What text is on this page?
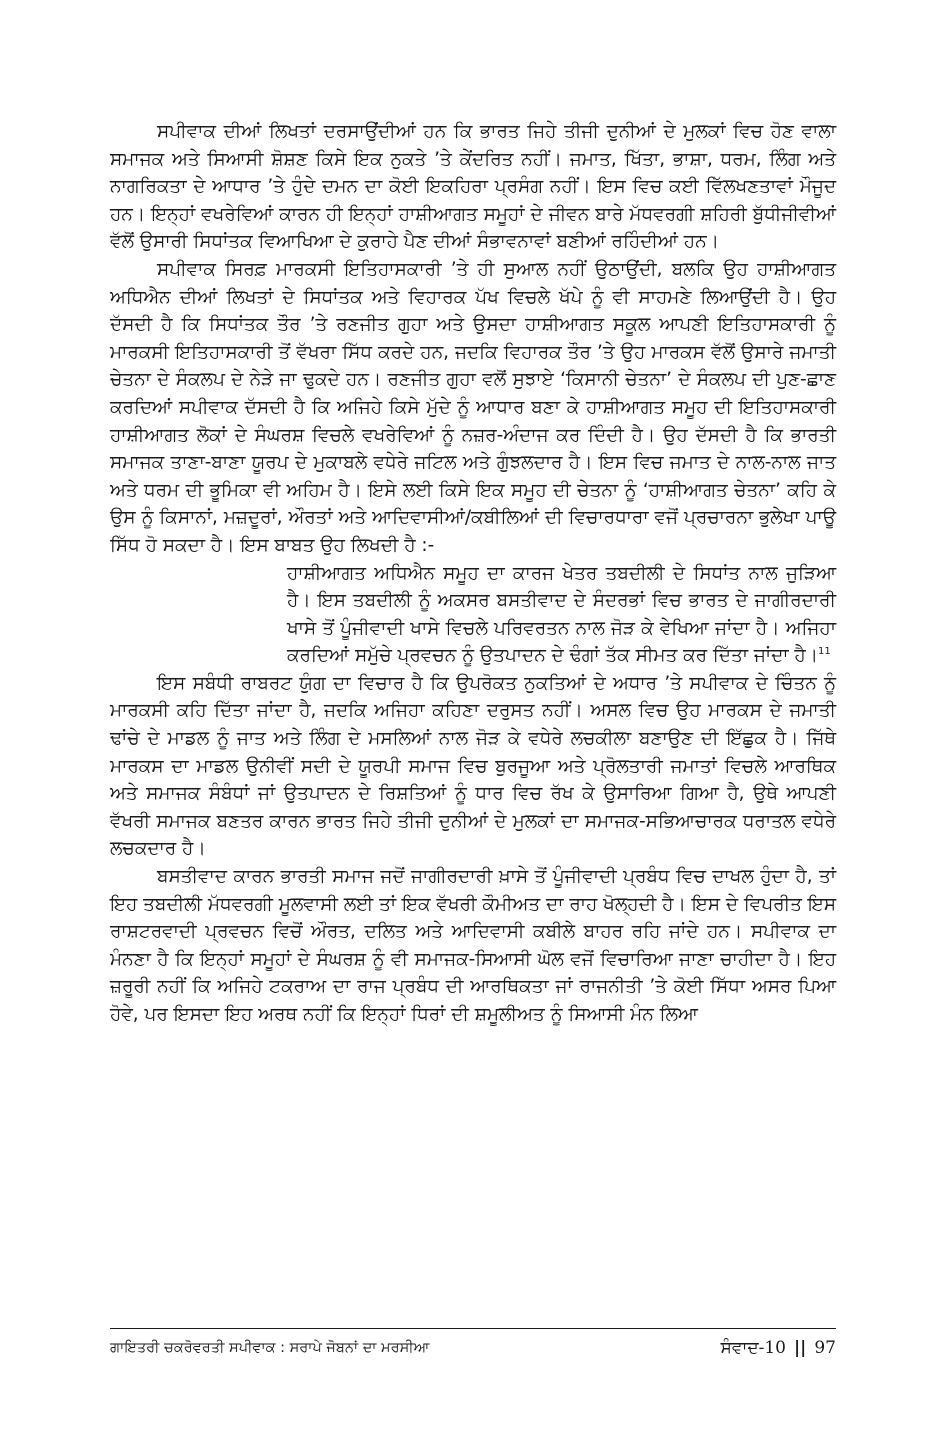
ਸਪੀਵਾਕ ਦੀਆਂ ਲਿਖਤਾਂ ਦਰਸਾਉਂਦੀਆਂ ਹਨ ਕਿ ਭਾਰਤ ਜਿਹੇ ਤੀਜੀ ਦੁਨੀਆਂ ਦੇ ਮੁਲਕਾਂ ਵਿਚ ਹੋਣ ਵਾਲਾ ਸਮਾਜਕ ਅਤੇ ਸਿਆਸੀ ਸ਼ੋਸ਼ਣ ਕਿਸੇ ਇਕ ਨੁਕਤੇ ’ਤੇ ਕੇਂਦਰਿਤ ਨਹੀਂ। ਜਮਾਤ, ਖਿੱਤਾ, ਭਾਸ਼ਾ, ਧਰਮ, ਲਿੰਗ ਅਤੇ ਨਾਗਰਿਕਤਾ ਦੇ ਆਧਾਰ ’ਤੇ ਹੁੰਦੇ ਦਮਨ ਦਾ ਕੋਈ ਇਕਹਿਰਾ ਪ੍ਰਸੰਗ ਨਹੀਂ। ਇਸ ਵਿਚ ਕਈ ਵਿੱਲਖਣਤਾਵਾਂ ਮੌਜੂਦ ਹਨ। ਇਨ੍ਹਾਂ ਵਖਰੇਵਿਆਂ ਕਾਰਨ ਹੀ ਇਨ੍ਹਾਂ ਹਾਸ਼ੀਆਗਤ ਸਮੂਹਾਂ ਦੇ ਜੀਵਨ ਬਾਰੇ ਮੱਧਵਰਗੀ ਸ਼ਹਿਰੀ ਬੁੱਧੀਜੀਵੀਆਂ ਵੱਲੋਂ ਉਸਾਰੀ ਸਿਧਾਂਤਕ ਵਿਆਖਿਆ ਦੇ ਕੁਰਾਹੇ ਪੈਣ ਦੀਆਂ ਸੰਭਾਵਨਾਵਾਂ ਬਣੀਆਂ ਰਹਿੰਦੀਆਂ ਹਨ।

ਸਪੀਵਾਕ ਸਿਰਫ਼ ਮਾਰਕਸੀ ਇਤਿਹਾਸਕਾਰੀ ’ਤੇ ਹੀ ਸੁਆਲ ਨਹੀਂ ਉਠਾਉਂਦੀ, ਬਲਕਿ ਉਹ ਹਾਸ਼ੀਆਗਤ ਅਧਿਐਨ ਦੀਆਂ ਲਿਖਤਾਂ ਦੇ ਸਿਧਾਂਤਕ ਅਤੇ ਵਿਹਾਰਕ ਪੱਖ ਵਿਚਲੇ ਖੱਪੇ ਨੂੰ ਵੀ ਸਾਹਮਣੇ ਲਿਆਉਂਦੀ ਹੈ। ਉਹ ਦੱਸਦੀ ਹੈ ਕਿ ਸਿਧਾਂਤਕ ਤੌਰ ’ਤੇ ਰਣਜੀਤ ਗੁਹਾ ਅਤੇ ਉਸਦਾ ਹਾਸ਼ੀਆਗਤ ਸਕੂਲ ਆਪਣੀ ਇਤਿਹਾਸਕਾਰੀ ਨੂੰ ਮਾਰਕਸੀ ਇਤਿਹਾਸਕਾਰੀ ਤੋਂ ਵੱਖਰਾ ਸਿੱਧ ਕਰਦੇ ਹਨ, ਜਦਕਿ ਵਿਹਾਰਕ ਤੌਰ ’ਤੇ ਉਹ ਮਾਰਕਸ ਵੱਲੋਂ ਉਸਾਰੇ ਜਮਾਤੀ ਚੇਤਨਾ ਦੇ ਸੰਕਲਪ ਦੇ ਨੇੜੇ ਜਾ ਢੁਕਦੇ ਹਨ। ਰਣਜੀਤ ਗੁਹਾ ਵਲੋਂ ਸੁਝਾਏ ‘ਕਿਸਾਨੀ ਚੇਤਨਾ’ ਦੇ ਸੰਕਲਪ ਦੀ ਪੁਣ-ਛਾਣ ਕਰਦਿਆਂ ਸਪੀਵਾਕ ਦੱਸਦੀ ਹੈ ਕਿ ਅਜਿਹੇ ਕਿਸੇ ਮੁੱਦੇ ਨੂੰ ਆਧਾਰ ਬਣਾ ਕੇ ਹਾਸ਼ੀਆਗਤ ਸਮੂਹ ਦੀ ਇਤਿਹਾਸਕਾਰੀ ਹਾਸ਼ੀਆਗਤ ਲੋਕਾਂ ਦੇ ਸੰਘਰਸ਼ ਵਿਚਲੇ ਵਖਰੇਵਿਆਂ ਨੂੰ ਨਜ਼ਰ-ਅੰਦਾਜ ਕਰ ਦਿੰਦੀ ਹੈ। ਉਹ ਦੱਸਦੀ ਹੈ ਕਿ ਭਾਰਤੀ ਸਮਾਜਕ ਤਾਣਾ-ਬਾਣਾ ਯੂਰਪ ਦੇ ਮੁਕਾਬਲੇ ਵਧੇਰੇ ਜਟਿਲ ਅਤੇ ਗੁੰਝਲਦਾਰ ਹੈ। ਇਸ ਵਿਚ ਜਮਾਤ ਦੇ ਨਾਲ-ਨਾਲ ਜਾਤ ਅਤੇ ਧਰਮ ਦੀ ਭੂਮਿਕਾ ਵੀ ਅਹਿਮ ਹੈ। ਇਸੇ ਲਈ ਕਿਸੇ ਇਕ ਸਮੂਹ ਦੀ ਚੇਤਨਾ ਨੂੰ ‘ਹਾਸ਼ੀਆਗਤ ਚੇਤਨਾ’ ਕਹਿ ਕੇ ਉਸ ਨੂੰ ਕਿਸਾਨਾਂ, ਮਜ਼ਦੂਰਾਂ, ਔਰਤਾਂ ਅਤੇ ਆਦਿਵਾਸੀਆਂ/ਕਬੀਲਿਆਂ ਦੀ ਵਿਚਾਰਧਾਰਾ ਵਜੋਂ ਪ੍ਰਚਾਰਨਾ ਭੁਲੇਖਾ ਪਾਊ ਸਿੱਧ ਹੋ ਸਕਦਾ ਹੈ। ਇਸ ਬਾਬਤ ਉਹ ਲਿਖਦੀ ਹੈ :-

ਹਾਸ਼ੀਆਗਤ ਅਧਿਐਨ ਸਮੂਹ ਦਾ ਕਾਰਜ ਖੇਤਰ ਤਬਦੀਲੀ ਦੇ ਸਿਧਾਂਤ ਨਾਲ ਜੁੜਿਆ ਹੈ। ਇਸ ਤਬਦੀਲੀ ਨੂੰ ਅਕਸਰ ਬਸਤੀਵਾਦ ਦੇ ਸੰਦਰਭਾਂ ਵਿਚ ਭਾਰਤ ਦੇ ਜਾਗੀਰਦਾਰੀ ਖਾਸੇ ਤੋਂ ਪੂੰਜੀਵਾਦੀ ਖਾਸੇ ਵਿਚਲੇ ਪਰਿਵਰਤਨ ਨਾਲ ਜੋੜ ਕੇ ਵੇਖਿਆ ਜਾਂਦਾ ਹੈ। ਅਜਿਹਾ ਕਰਦਿਆਂ ਸਮੁੱਚੇ ਪ੍ਰਵਚਨ ਨੂੰ ਉਤਪਾਦਨ ਦੇ ਢੰਗਾਂ ਤੱਕ ਸੀਮਤ ਕਰ ਦਿੱਤਾ ਜਾਂਦਾ ਹੈ।$^{11}$

ਇਸ ਸਬੰਧੀ ਰਾਬਰਟ ਯੁੰਗ ਦਾ ਵਿਚਾਰ ਹੈ ਕਿ ਉਪਰੋਕਤ ਨੁਕਤਿਆਂ ਦੇ ਅਧਾਰ ’ਤੇ ਸਪੀਵਾਕ ਦੇ ਚਿੰਤਨ ਨੂੰ ਮਾਰਕਸੀ ਕਹਿ ਦਿੱਤਾ ਜਾਂਦਾ ਹੈ, ਜਦਕਿ ਅਜਿਹਾ ਕਹਿਣਾ ਦਰੁਸਤ ਨਹੀਂ। ਅਸਲ ਵਿਚ ਉਹ ਮਾਰਕਸ ਦੇ ਜਮਾਤੀ ਢਾਂਚੇ ਦੇ ਮਾਡਲ ਨੂੰ ਜਾਤ ਅਤੇ ਲਿੰਗ ਦੇ ਮਸਲਿਆਂ ਨਾਲ ਜੋੜ ਕੇ ਵਧੇਰੇ ਲਚਕੀਲਾ ਬਣਾਉਣ ਦੀ ਇੱਛੁਕ ਹੈ। ਜਿੱਥੇ ਮਾਰਕਸ ਦਾ ਮਾਡਲ ਉਨੀਵੀਂ ਸਦੀ ਦੇ ਯੂਰਪੀ ਸਮਾਜ ਵਿਚ ਬੁਰਜੂਆ ਅਤੇ ਪ੍ਰੋਲਤਾਰੀ ਜਮਾਤਾਂ ਵਿਚਲੇ ਆਰਥਿਕ ਅਤੇ ਸਮਾਜਕ ਸੰਬੰਧਾਂ ਜਾਂ ਉਤਪਾਦਨ ਦੇ ਰਿਸ਼ਤਿਆਂ ਨੂੰ ਧਾਰ ਵਿਚ ਰੱਖ ਕੇ ਉਸਾਰਿਆ ਗਿਆ ਹੈ, ਉਥੇ ਆਪਣੀ ਵੱਖਰੀ ਸਮਾਜਕ ਬਣਤਰ ਕਾਰਨ ਭਾਰਤ ਜਿਹੇ ਤੀਜੀ ਦੁਨੀਆਂ ਦੇ ਮੁਲਕਾਂ ਦਾ ਸਮਾਜਕ-ਸਭਿਆਚਾਰਕ ਧਰਾਤਲ ਵਧੇਰੇ ਲਚਕਦਾਰ ਹੈ।

ਬਸਤੀਵਾਦ ਕਾਰਨ ਭਾਰਤੀ ਸਮਾਜ ਜਦੋਂ ਜਾਗੀਰਦਾਰੀ ਖ਼ਾਸੇ ਤੋਂ ਪੂੰਜੀਵਾਦੀ ਪ੍ਰਬੰਧ ਵਿਚ ਦਾਖਲ ਹੁੰਦਾ ਹੈ, ਤਾਂ ਇਹ ਤਬਦੀਲੀ ਮੱਧਵਰਗੀ ਮੂਲਵਾਸੀ ਲਈ ਤਾਂ ਇਕ ਵੱਖਰੀ ਕੌਮੀਅਤ ਦਾ ਰਾਹ ਖੋਲ੍ਹਦੀ ਹੈ। ਇਸ ਦੇ ਵਿਪਰੀਤ ਇਸ ਰਾਸ਼ਟਰਵਾਦੀ ਪ੍ਰਵਚਨ ਵਿਚੋਂ ਔਰਤ, ਦਲਿਤ ਅਤੇ ਆਦਿਵਾਸੀ ਕਬੀਲੇ ਬਾਹਰ ਰਹਿ ਜਾਂਦੇ ਹਨ। ਸਪੀਵਾਕ ਦਾ ਮੰਨਣਾ ਹੈ ਕਿ ਇਨ੍ਹਾਂ ਸਮੂਹਾਂ ਦੇ ਸੰਘਰਸ਼ ਨੂੰ ਵੀ ਸਮਾਜਕ-ਸਿਆਸੀ ਘੋਲ ਵਜੋਂ ਵਿਚਾਰਿਆ ਜਾਣਾ ਚਾਹੀਦਾ ਹੈ। ਇਹ ਜ਼ਰੂਰੀ ਨਹੀਂ ਕਿ ਅਜਿਹੇ ਟਕਰਾਅ ਦਾ ਰਾਜ ਪ੍ਰਬੰਧ ਦੀ ਆਰਥਿਕਤਾ ਜਾਂ ਰਾਜਨੀਤੀ ’ਤੇ ਕੋਈ ਸਿੱਧਾ ਅਸਰ ਪਿਆ ਹੋਵੇ, ਪਰ ਇਸਦਾ ਇਹ ਅਰਥ ਨਹੀਂ ਕਿ ਇਨ੍ਹਾਂ ਧਿਰਾਂ ਦੀ ਸ਼ਮੂਲੀਅਤ ਨੂੰ ਸਿਆਸੀ ਮੰਨ ਲਿਆ

ਗਾਇਤਰੀ ਚਕਰੋਵਰਤੀ ਸਪੀਵਾਕ : ਸਰਾਪੇ ਜੋਬਨਾਂ ਦਾ ਮਰਸੀਆ	ਸੰਵਾਦ-10 || 97
